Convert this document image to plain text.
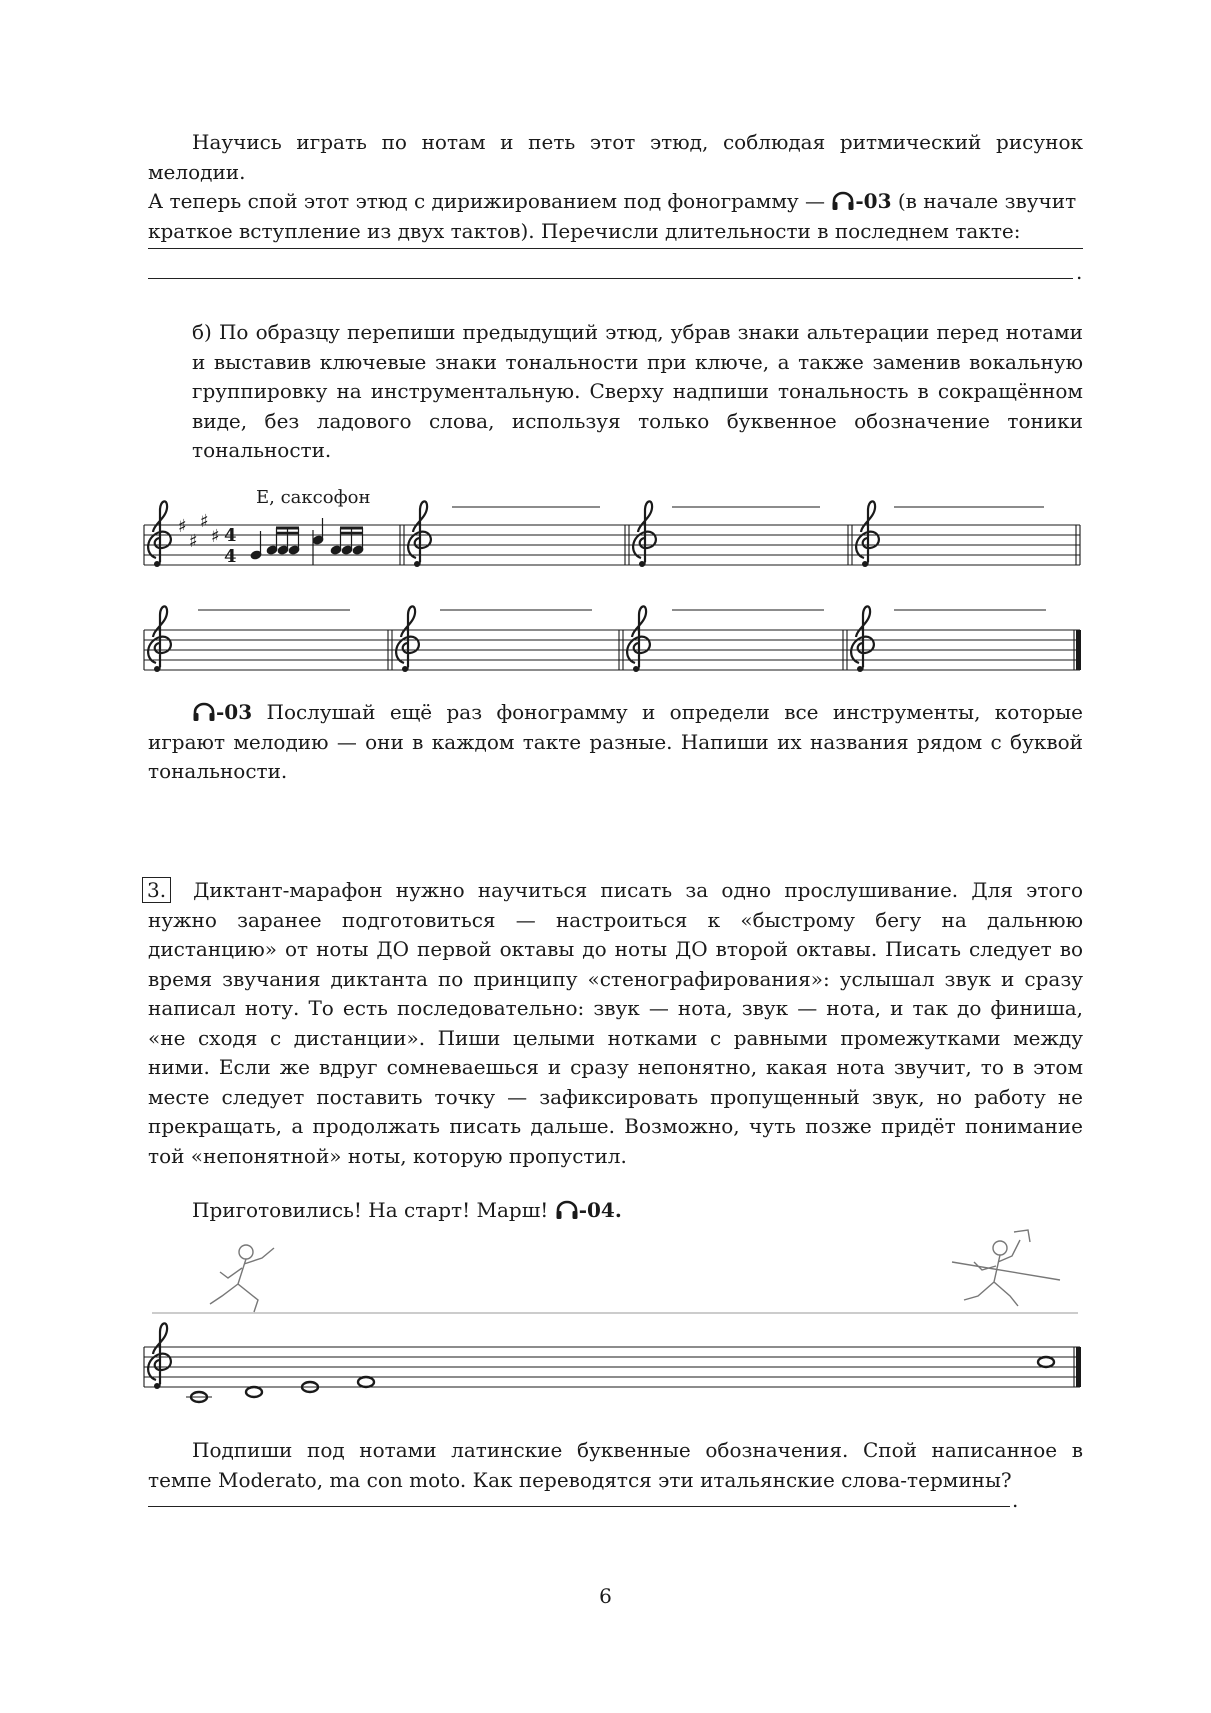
Научись играть по нотам и петь этот этюд, соблюдая ритмический рисунок мелодии.

А теперь спой этот этюд с дирижированием под фонограмму —
-03 (в начале звучит

краткое вступление из двух тактов). Перечисли длительности в последнем такте:

.

б) По образцу перепиши предыдущий этюд, убрав знаки альтерации перед нотами и выставив ключевые знаки тональности при ключе, а также заменив вокальную группировку на инструментальную. Сверху надпиши тональность в сокращённом виде, без ладового слова, используя только буквенное обозначение тоники тональности.

♯
♯
♯
♯ 4
4
E, саксофон

-03 Послушай ещё раз фонограмму и определи все инструменты, которые играют мелодию — они в каждом такте разные. Напиши их названия рядом с буквой тональности.

3. Диктант-марафон нужно научиться писать за одно прослушивание. Для этого нужно заранее подготовиться — настроиться к «быстрому бегу на дальнюю дистанцию» от ноты ДО первой октавы до ноты ДО второй октавы. Писать следует во время звучания диктанта по принципу «стенографирования»: услышал звук и сразу написал ноту. То есть последовательно: звук — нота, звук — нота, и так до финиша, «не сходя с дистанции». Пиши целыми нотками с равными промежутками между ними. Если же вдруг сомневаешься и сразу непонятно, какая нота звучит, то в этом месте следует поставить точку — зафиксировать пропущенный звук, но работу не прекращать, а продолжать писать дальше. Возможно, чуть позже придёт понимание той «непонятной» ноты, которую пропустил.

Приготовились! На старт! Марш!
-04.

Подпиши под нотами латинские буквенные обозначения. Спой написанное в темпе Moderato, ma con moto. Как переводятся эти итальянские слова-термины?

.
6
